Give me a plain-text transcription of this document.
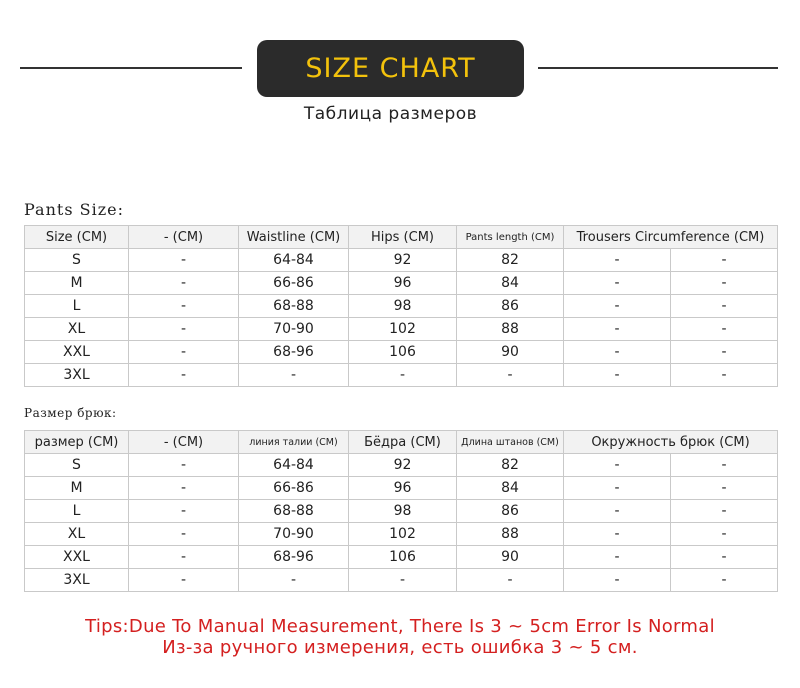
SIZE CHART
Таблица размеров
Pants Size:
Size (CM)	- (CM)	Waistline (CM)	Hips (CM)	Pants length (CM)	Trousers Circumference (CM)	
S	-	64-84	92	82	-	-
M	-	66-86	96	84	-	-
L	-	68-88	98	86	-	-
XL	-	70-90	102	88	-	-
XXL	-	68-96	106	90	-	-
3XL	-	-	-	-	-	-
Размер брюк:
размер (CM)	- (CM)	линия талии (CM)	Бёдра (CM)	Длина штанов (CM)	Окружность брюк (CM)	
S	-	64-84	92	82	-	-
M	-	66-86	96	84	-	-
L	-	68-88	98	86	-	-
XL	-	70-90	102	88	-	-
XXL	-	68-96	106	90	-	-
3XL	-	-	-	-	-	-
Tips:Due To Manual Measurement, There Is 3 ~ 5cm Error Is Normal
Из-за ручного измерения, есть ошибка 3 ~ 5 см.
